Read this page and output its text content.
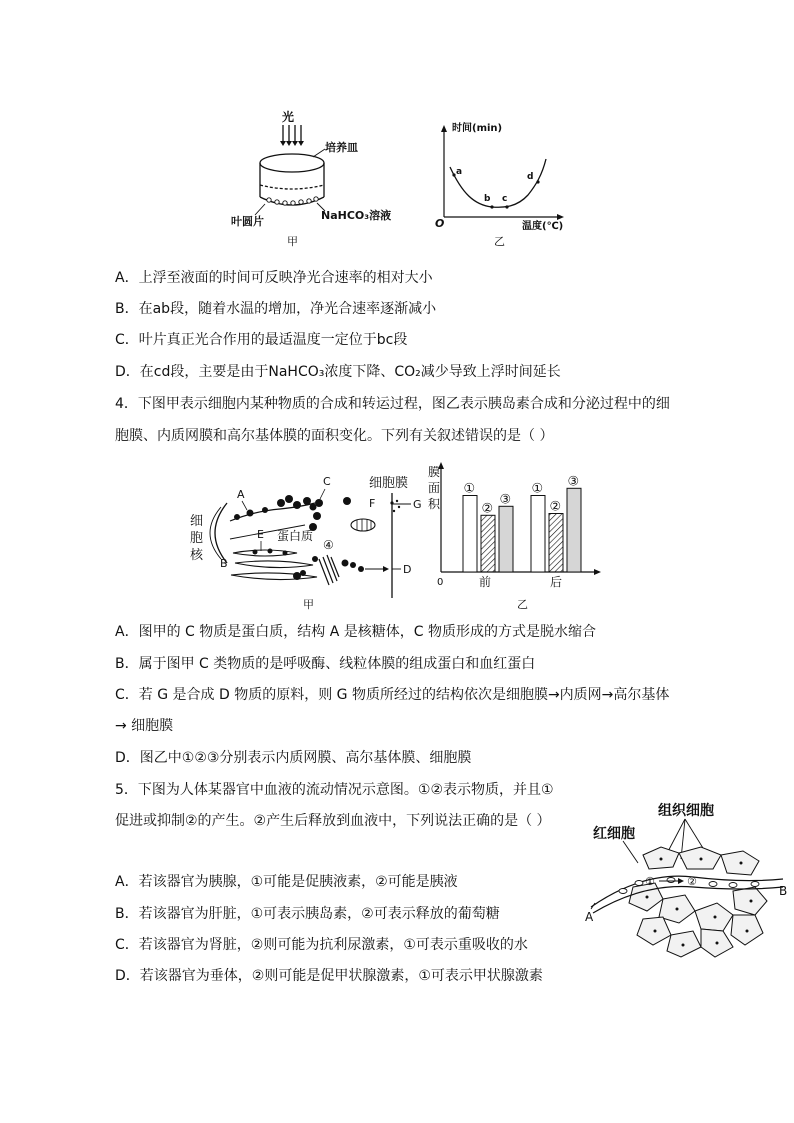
光
培养皿
叶圆片	NaHCO₃溶液
甲
时间(min)
O
a
b c
d
温度(℃)
乙
A．上浮至液面的时间可反映净光合速率的相对大小
B．在ab段，随着水温的增加，净光合速率逐渐减小
C．叶片真正光合作用的最适温度一定位于bc段
D．在cd段，主要是由于NaHCO₃浓度下降、CO₂减少导致上浮时间延长
4．下图甲表示细胞内某种物质的合成和转运过程，图乙表示胰岛素合成和分泌过程中的细
胞膜、内质网膜和高尔基体膜的面积变化。下列有关叙述错误的是（ ）
细
胞
核
A
C
E
B
蛋白质
④
F
细胞膜
G
D
甲
膜
面
积
0
①
②
③
①
②
③
前	后
乙
A．图甲的 C 物质是蛋白质，结构 A 是核糖体，C 物质形成的方式是脱水缩合
B．属于图甲 C 类物质的是呼吸酶、线粒体膜的组成蛋白和血红蛋白
C．若 G 是合成 D 物质的原料，则 G 物质所经过的结构依次是细胞膜→内质网→高尔基体
→ 细胞膜
D．图乙中①②③分别表示内质网膜、高尔基体膜、细胞膜
5．下图为人体某器官中血液的流动情况示意图。①②表示物质，并且①
促进或抑制②的产生。②产生后释放到血液中，下列说法正确的是（ ）
组织细胞
红细胞
①	②
A
B
A．若该器官为胰腺，①可能是促胰液素，②可能是胰液
B．若该器官为肝脏，①可表示胰岛素，②可表示释放的葡萄糖
C．若该器官为肾脏，②则可能为抗利尿激素，①可表示重吸收的水
D．若该器官为垂体，②则可能是促甲状腺激素，①可表示甲状腺激素
